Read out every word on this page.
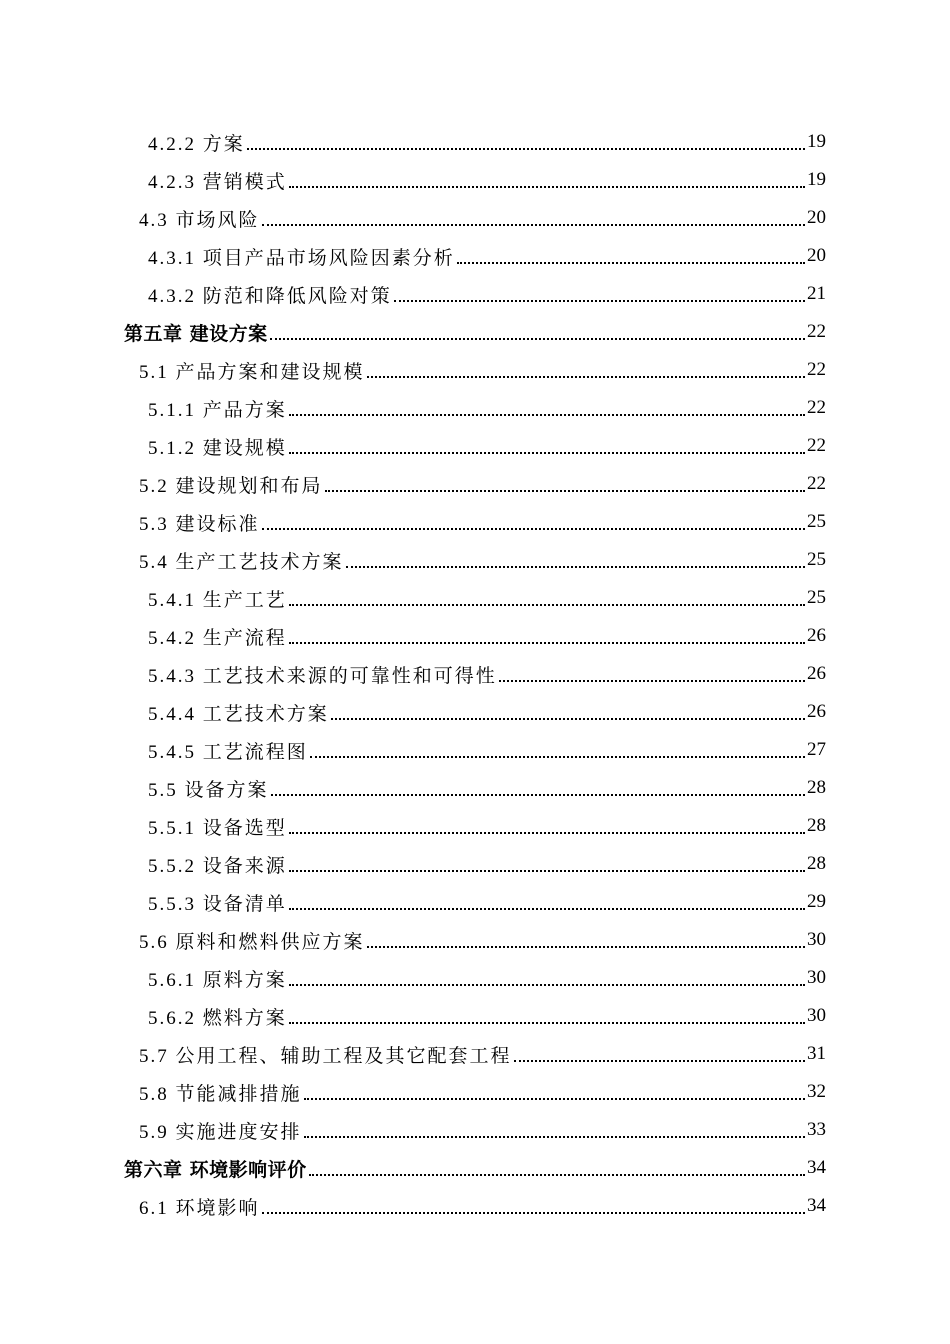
4.2.2 方案	19
4.2.3 营销模式	19
4.3 市场风险	20
4.3.1 项目产品市场风险因素分析	20
4.3.2 防范和降低风险对策	21
第五章 建设方案	22
5.1 产品方案和建设规模	22
5.1.1 产品方案	22
5.1.2 建设规模	22
5.2 建设规划和布局	22
5.3 建设标准	25
5.4 生产工艺技术方案	25
5.4.1 生产工艺	25
5.4.2 生产流程	26
5.4.3 工艺技术来源的可靠性和可得性	26
5.4.4 工艺技术方案	26
5.4.5 工艺流程图	27
5.5 设备方案	28
5.5.1 设备选型	28
5.5.2 设备来源	28
5.5.3 设备清单	29
5.6 原料和燃料供应方案	30
5.6.1 原料方案	30
5.6.2 燃料方案	30
5.7 公用工程、辅助工程及其它配套工程	31
5.8 节能减排措施	32
5.9 实施进度安排	33
第六章 环境影响评价	34
6.1 环境影响	34
